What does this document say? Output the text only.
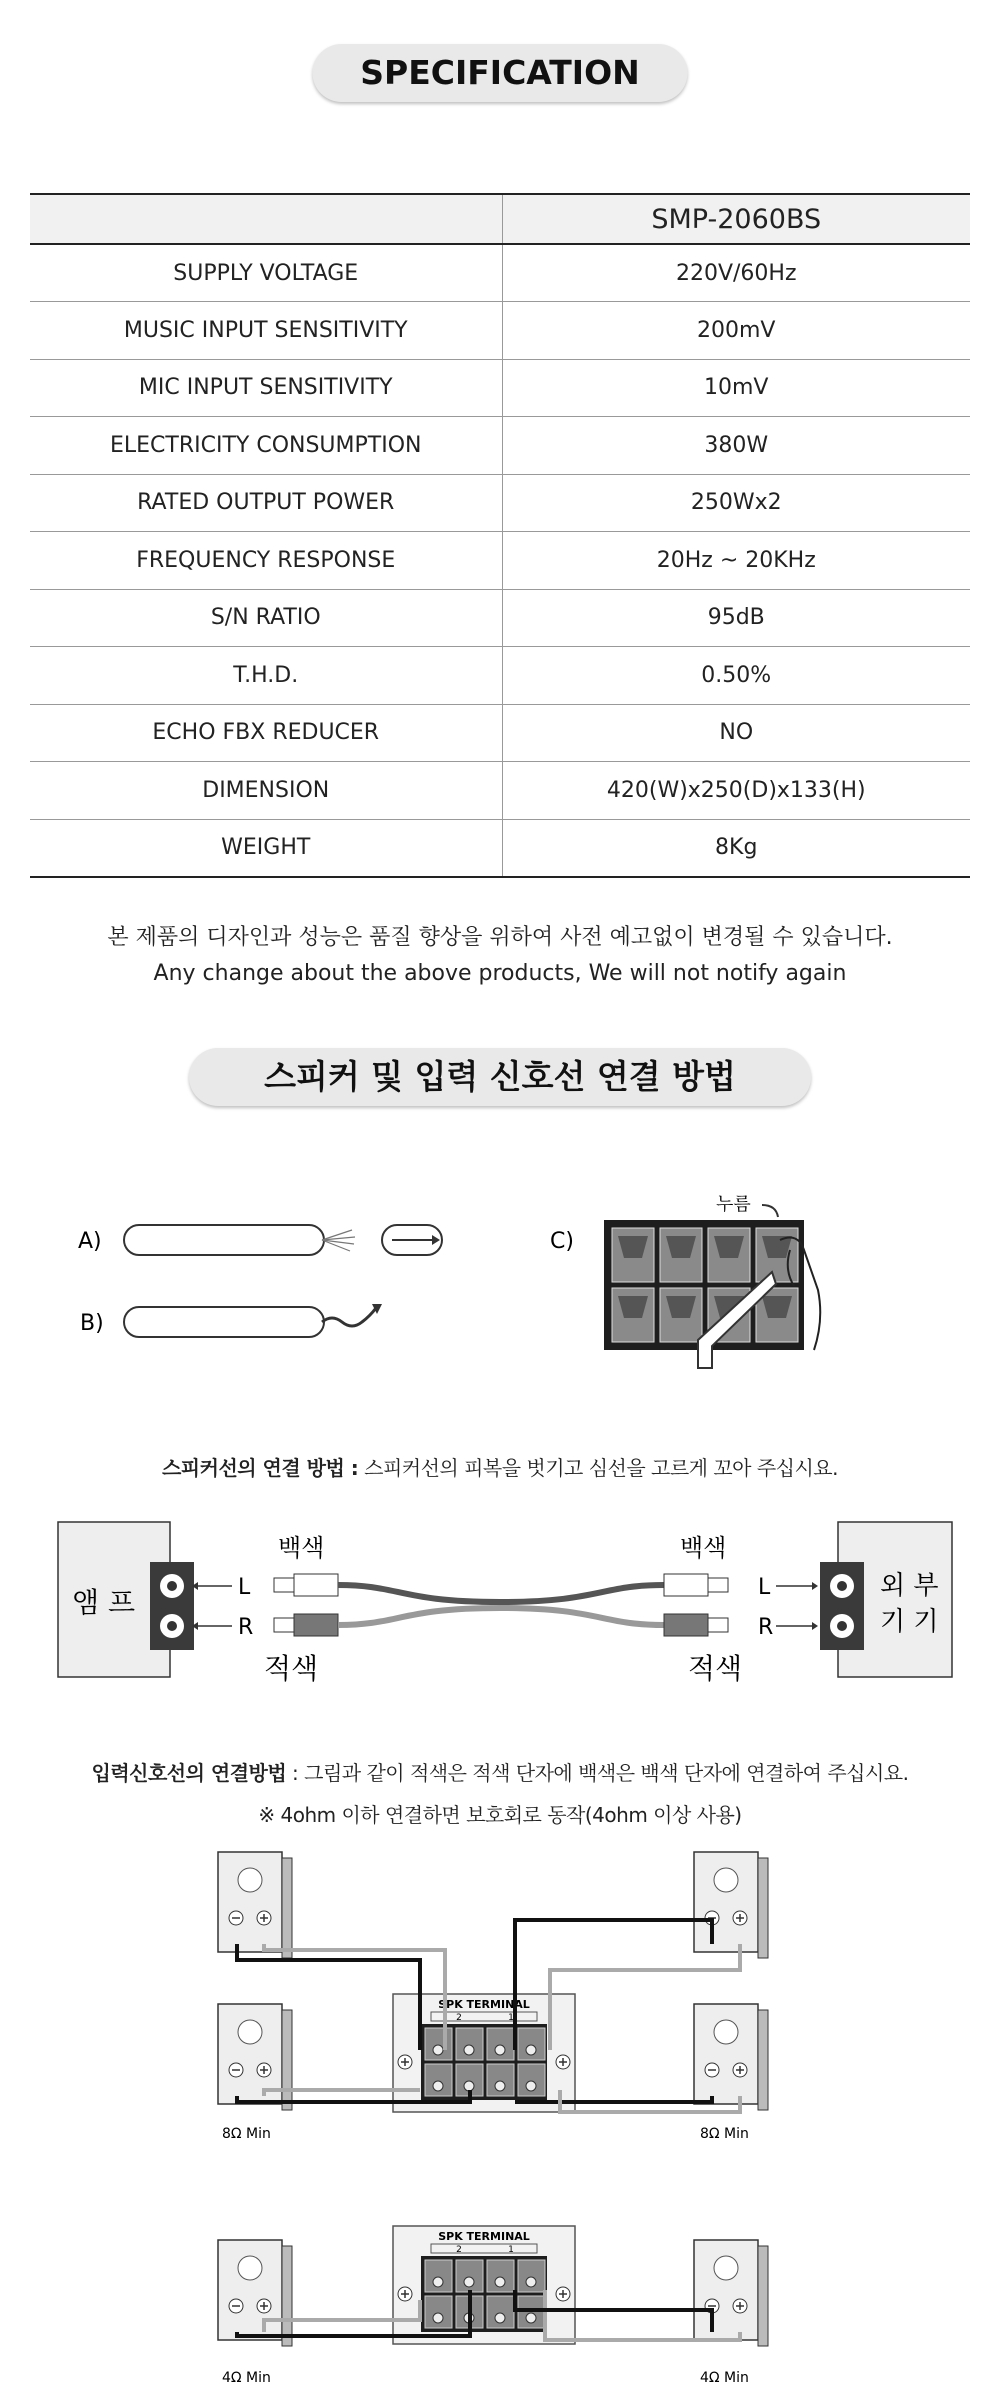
SPECIFICATION
	SMP-2060BS
SUPPLY VOLTAGE	220V/60Hz
MUSIC INPUT SENSITIVITY	200mV
MIC INPUT SENSITIVITY	10mV
ELECTRICITY CONSUMPTION	380W
RATED OUTPUT POWER	250Wx2
FREQUENCY RESPONSE	20Hz ~ 20KHz
S/N RATIO	95dB
T.H.D.	0.50%
ECHO FBX REDUCER	NO
DIMENSION	420(W)x250(D)x133(H)
WEIGHT	8Kg
본 제품의 디자인과 성능은 품질 향상을 위하여 사전 예고없이 변경될 수 있습니다.
Any change about the above products, We will not notify again
스피커 및 입력 신호선 연결 방법
A)
B)
C)
누름
스피커선의 연결 방법 : 스피커선의 피복을 벗기고 심선을 고르게 꼬아 주십시요.
앰 프	L
R
백색
적색
백색
적색
L
R
외 부
기 기
입력신호선의 연결방법 : 그림과 같이 적색은 적색 단자에 백색은 백색 단자에 연결하여 주십시요.
※ 4ohm 이하 연결하면 보호회로 동작(4ohm 이상 사용)
SPK TERMINAL
2	1
SPK TERMINAL
2	1
8Ω Min	8Ω Min
4Ω Min	4Ω Min
